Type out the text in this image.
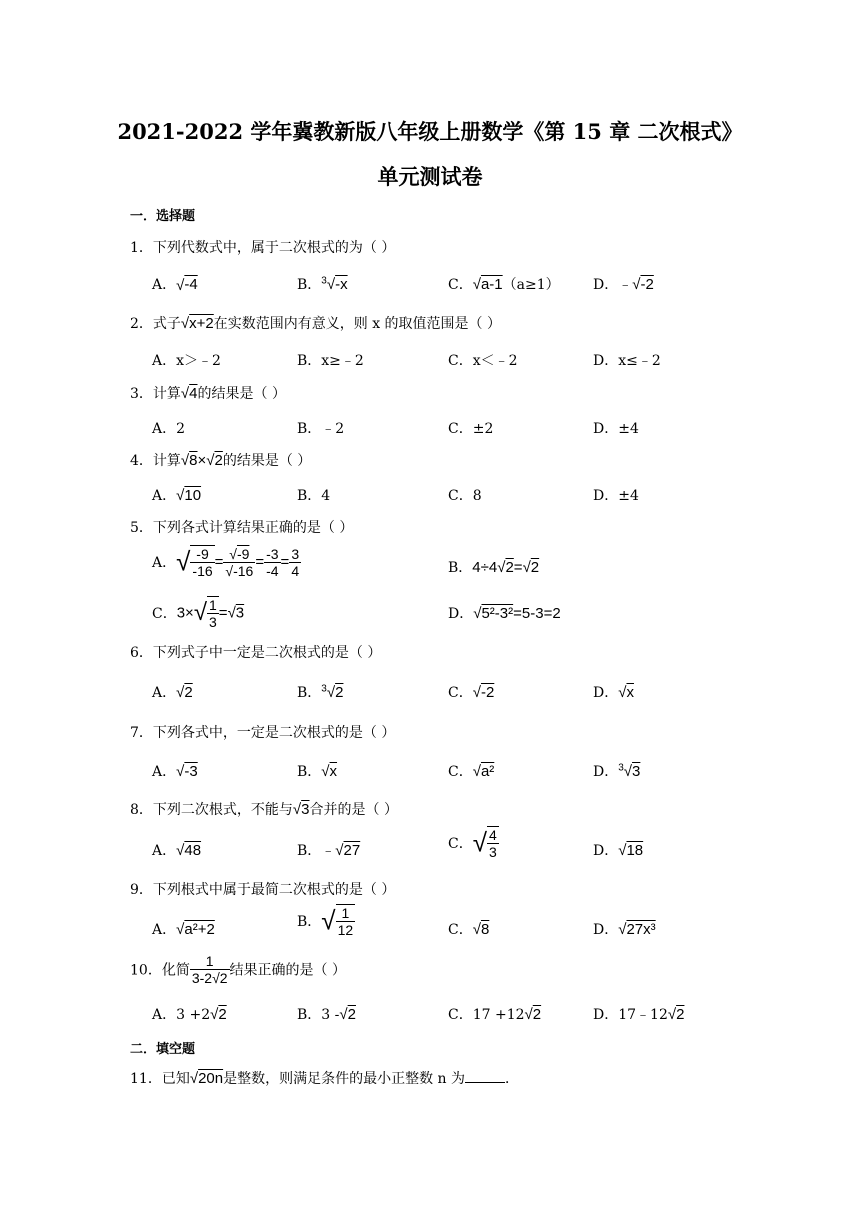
2021-2022 学年冀教新版八年级上册数学《第 15 章 二次根式》
单元测试卷
一．选择题
1．下列代数式中，属于二次根式的为（ ）
A．√-4	B．$^3$√-x	C．√a-1（a≥1） D．﹣√-2
2．式子√x+2在实数范围内有意义，则 x 的取值范围是（ ）
A．x＞﹣2	B．x≥﹣2	C．x＜﹣2	D．x≤﹣2
3．计算√4的结果是（ ）
A．2	B．﹣2	C．±2	D．±4
4．计算√8×√2的结果是（ ）
A．√10	B．4	C．8	D．±4
5．下列各式计算结果正确的是（ ）
A．√ $\frac{-9}{-16} = \frac{√-9}{√-16} = \frac{-3}{-4} = \frac{3}{4}$	B．4÷4√2=√2
C．$3\times√ \frac{1}{3} =√3$	D．√5²-3²=5-3=2
6．下列式子中一定是二次根式的是（ ）
A．√2	B．$^3$√2	C．√-2	D．√x
7．下列各式中，一定是二次根式的是（ ）
A．√-3	B．√x	C．√a²	D．$^3$√3
8．下列二次根式，不能与√3合并的是（ ）
A．√48	B．﹣√27	C．√ $\frac{4}{3}$	D．√18
9．下列根式中属于最简二次根式的是（ ）
A．√a²+2	B．√ $\frac{1}{12}$	C．√8	D．√27x³
10．化简 $\frac{1}{3-2√2}$ 结果正确的是（ ）
A．3 +2√2	B．3 -√2	C．17 +12√2	D．17﹣12√2
二．填空题
11．已知√20n是整数，则满足条件的最小正整数 n 为	．
